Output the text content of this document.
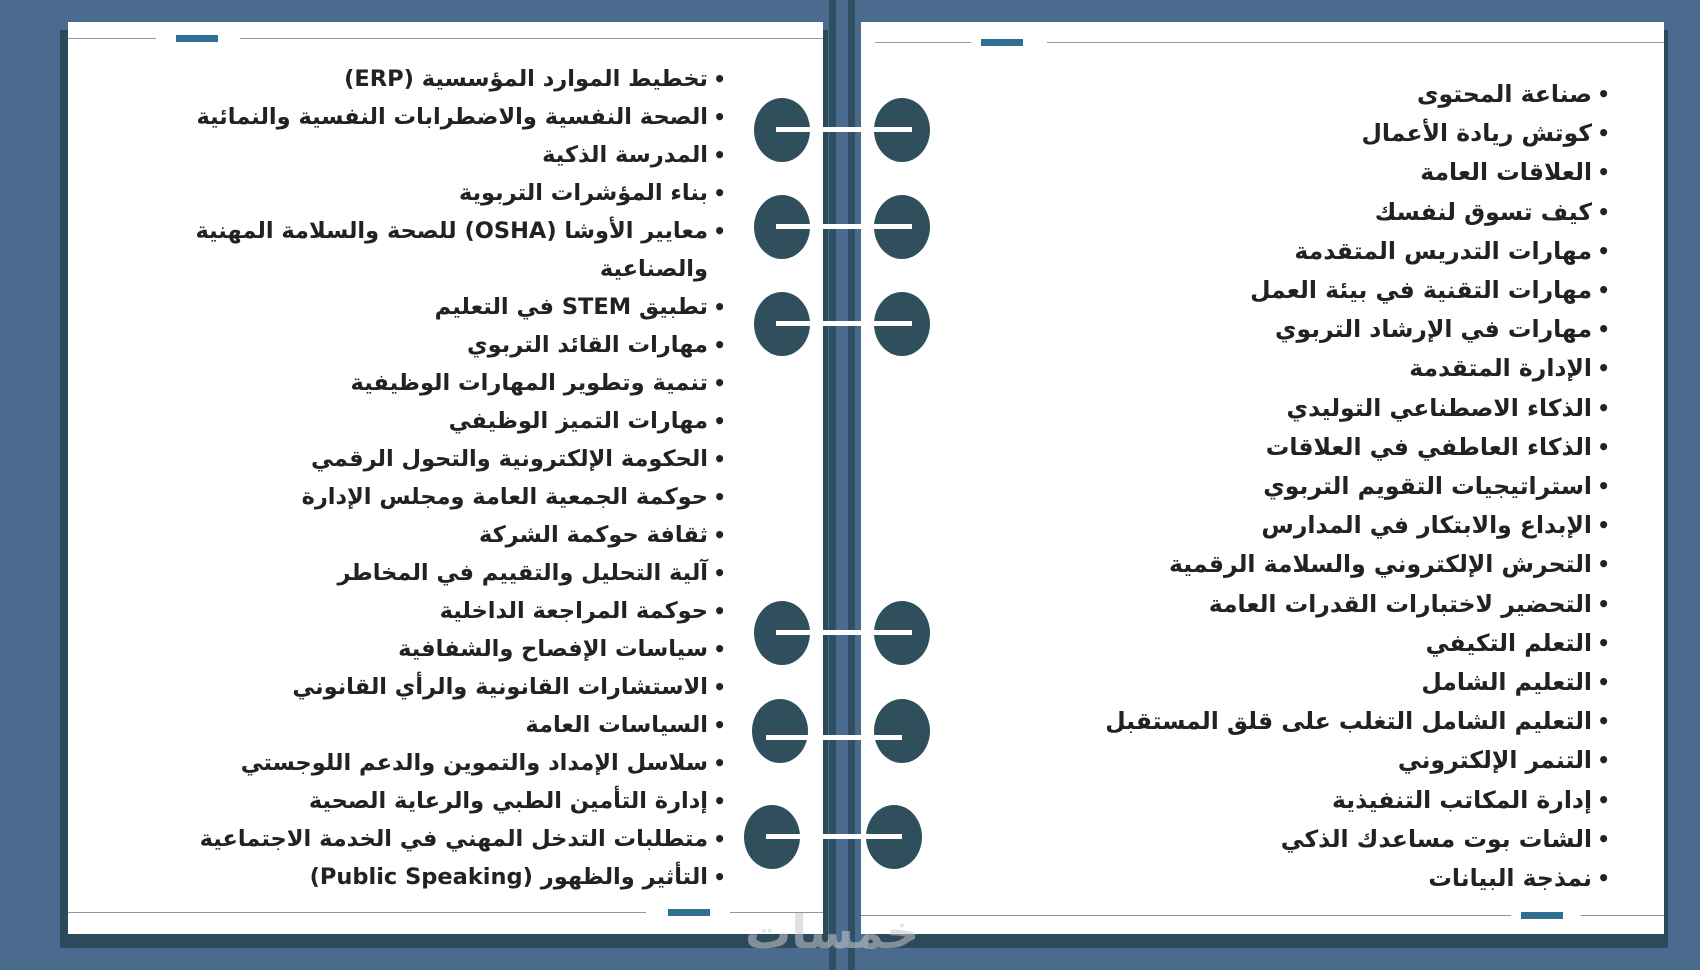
• تخطيط الموارد المؤسسية (ERP)
• الصحة النفسية والاضطرابات النفسية والنمائية
• المدرسة الذكية
• بناء المؤشرات التربوية
• معايير الأوشا (OSHA) للصحة والسلامة المهنية والصناعية
• تطبيق STEM في التعليم
• مهارات القائد التربوي
• تنمية وتطوير المهارات الوظيفية
• مهارات التميز الوظيفي
• الحكومة الإلكترونية والتحول الرقمي
• حوكمة الجمعية العامة ومجلس الإدارة
• ثقافة حوكمة الشركة
• آلية التحليل والتقييم في المخاطر
• حوكمة المراجعة الداخلية
• سياسات الإفصاح والشفافية
• الاستشارات القانونية والرأي القانوني
• السياسات العامة
• سلاسل الإمداد والتموين والدعم اللوجستي
• إدارة التأمين الطبي والرعاية الصحية
• متطلبات التدخل المهني في الخدمة الاجتماعية
• التأثير والظهور (Public Speaking)
• صناعة المحتوى
• كوتش ريادة الأعمال
• العلاقات العامة
• كيف تسوق لنفسك
• مهارات التدريس المتقدمة
• مهارات التقنية في بيئة العمل
• مهارات في الإرشاد التربوي
• الإدارة المتقدمة
• الذكاء الاصطناعي التوليدي
• الذكاء العاطفي في العلاقات
• استراتيجيات التقويم التربوي
• الإبداع والابتكار في المدارس
• التحرش الإلكتروني والسلامة الرقمية
• التحضير لاختبارات القدرات العامة
• التعلم التكيفي
• التعليم الشامل
• التعليم الشامل التغلب على قلق المستقبل
• التنمر الإلكتروني
• إدارة المكاتب التنفيذية
• الشات بوت مساعدك الذكي
• نمذجة البيانات
خمسات
